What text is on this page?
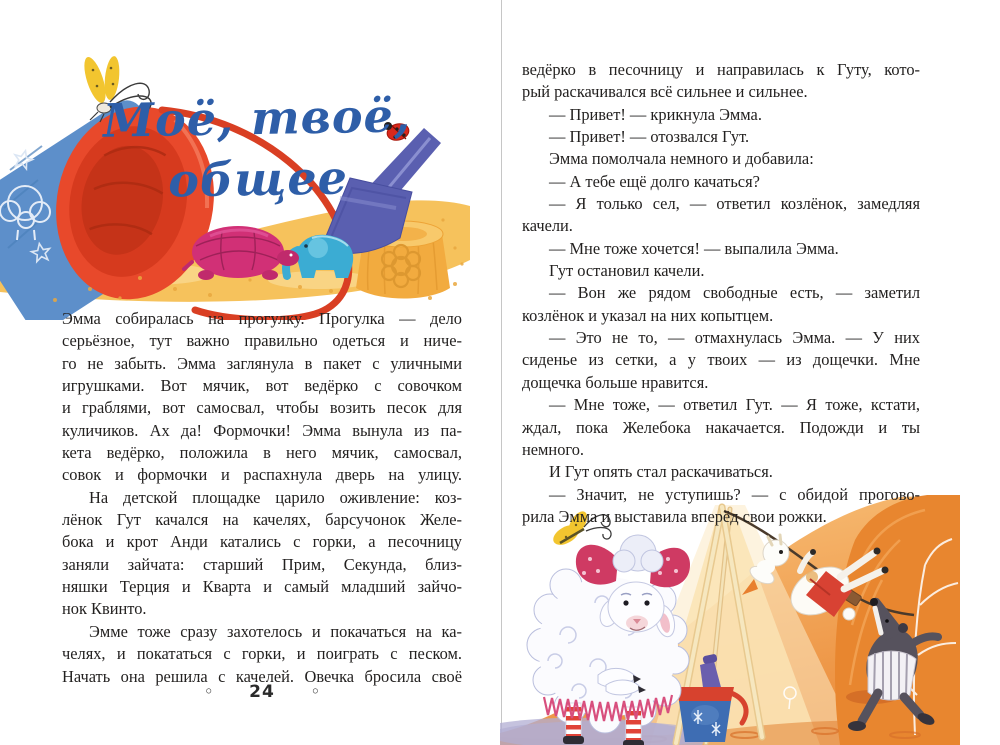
Моё, твоё,
общее
Эмма собиралась на прогулку. Прогулка — дело
серьёзное, тут важно правильно одеться и ниче-
го не забыть. Эмма заглянула в пакет с уличными
игрушками. Вот мячик, вот ведёрко с совочком
и граблями, вот самосвал, чтобы возить песок для
куличиков. Ах да! Формочки! Эмма вынула из па-
кета ведёрко, положила в него мячик, самосвал,
совок и формочки и распахнула дверь на улицу.
На детской площадке царило оживление: коз-
лёнок Гут качался на качелях, барсучонок Желе-
бока и крот Анди катались с горки, а песочницу
заняли зайчата: старший Прим, Секунда, близ-
няшки Терция и Кварта и самый младший зайчо-
нок Квинто.
Эмме тоже сразу захотелось и покачаться на ка-
челях, и покататься с горки, и поиграть с песком.
Начать она решила с качелей. Овечка бросила своё
◦ 24	◦
ведёрко в песочницу и направилась к Гуту, кото-
рый раскачивался всё сильнее и сильнее.
— Привет! — крикнула Эмма.
— Привет! — отозвался Гут.
Эмма помолчала немного и добавила:
— А тебе ещё долго качаться?
— Я только сел, — ответил козлёнок, замедляя
качели.
— Мне тоже хочется! — выпалила Эмма.
Гут остановил качели.
— Вон же рядом свободные есть, — заметил
козлёнок и указал на них копытцем.
— Это не то, — отмахнулась Эмма. — У них
сиденье из сетки, а у твоих — из дощечки. Мне
дощечка больше нравится.
— Мне тоже, — ответил Гут. — Я тоже, кстати,
ждал, пока Желебока накачается. Подожди и ты
немного.
И Гут опять стал раскачиваться.
— Значит, не уступишь? — с обидой прогово-
рила Эмма и выставила вперёд свои рожки.
